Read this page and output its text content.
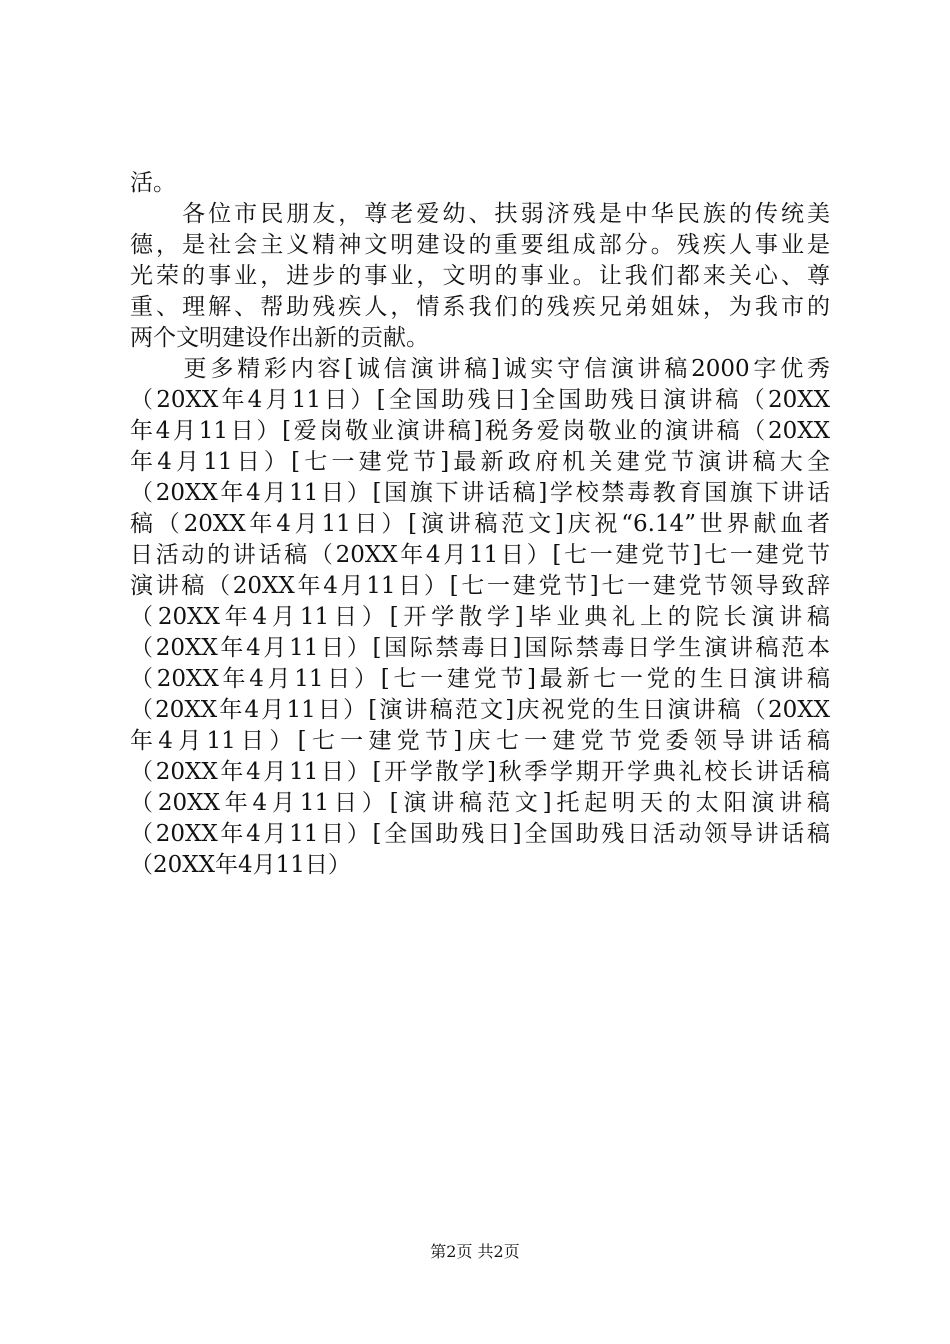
活。
　　各位市民朋友，尊老爱幼、扶弱济残是中华民族的传统美
德，是社会主义精神文明建设的重要组成部分。残疾人事业是
光荣的事业，进步的事业，文明的事业。让我们都来关心、尊
重、理解、帮助残疾人，情系我们的残疾兄弟姐妹，为我市的
两个文明建设作出新的贡献。
　　更多精彩内容[诚信演讲稿]诚实守信演讲稿2000字优秀
（20XX年4月11日）[全国助残日]全国助残日演讲稿（20XX
年4月11日）[爱岗敬业演讲稿]税务爱岗敬业的演讲稿（20XX
年4月11日）[七一建党节]最新政府机关建党节演讲稿大全
（20XX年4月11日）[国旗下讲话稿]学校禁毒教育国旗下讲话
稿（20XX年4月11日）[演讲稿范文]庆祝“6.14”世界献血者
日活动的讲话稿（20XX年4月11日）[七一建党节]七一建党节
演讲稿（20XX年4月11日）[七一建党节]七一建党节领导致辞
（20XX年4月11日）[开学散学]毕业典礼上的院长演讲稿
（20XX年4月11日）[国际禁毒日]国际禁毒日学生演讲稿范本
（20XX年4月11日）[七一建党节]最新七一党的生日演讲稿
（20XX年4月11日）[演讲稿范文]庆祝党的生日演讲稿（20XX
年4月11日）[七一建党节]庆七一建党节党委领导讲话稿
（20XX年4月11日）[开学散学]秋季学期开学典礼校长讲话稿
（20XX年4月11日）[演讲稿范文]托起明天的太阳演讲稿
（20XX年4月11日）[全国助残日]全国助残日活动领导讲话稿
（20XX年4月11日）
第2页 共2页
